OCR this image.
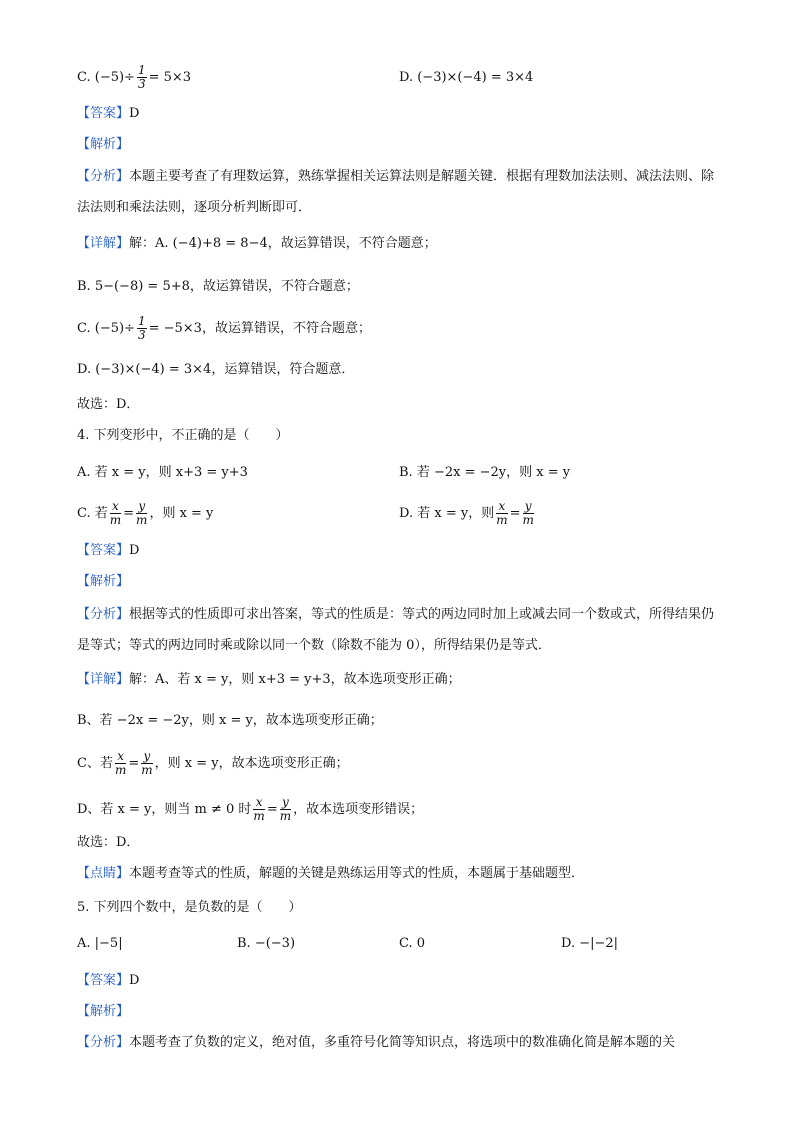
C. $(-5)\div \frac{1}{3} = 5\times 3$	D. (−3)×(−4) = 3×4
【答案】D
【解析】
【分析】本题主要考查了有理数运算，熟练掌握相关运算法则是解题关键．根据有理数加法法则、减法法则、除法法则和乘法法则，逐项分析判断即可．
【详解】解：A. (−4)+8 = 8−4，故运算错误，不符合题意；
B. 5−(−8) = 5+8，故运算错误，不符合题意；
C. $(-5)\div \frac{1}{3} = -5\times 3$，故运算错误，不符合题意；
D. (−3)×(−4) = 3×4，运算错误，符合题意．
故选：D．
4. 下列变形中，不正确的是（　　）
A. 若 x = y，则 x+3 = y+3	B. 若 −2x = −2y，则 x = y
C. 若 $\frac{x}{m} = \frac{y}{m}$ ，则 x = y	D. 若 x = y，则 $\frac{x}{m} = \frac{y}{m}$
【答案】D
【解析】
【分析】根据等式的性质即可求出答案，等式的性质是：等式的两边同时加上或减去同一个数或式，所得结果仍是等式；等式的两边同时乘或除以同一个数（除数不能为 0），所得结果仍是等式．
【详解】解：A、若 x = y，则 x+3 = y+3，故本选项变形正确；
B、若 −2x = −2y，则 x = y，故本选项变形正确；
C、若 $\frac{x}{m} = \frac{y}{m}$ ，则 x = y，故本选项变形正确；
D、若 x = y，则当 m ≠ 0 时 $\frac{x}{m} = \frac{y}{m}$ ，故本选项变形错误；
故选：D．
【点睛】本题考查等式的性质，解题的关键是熟练运用等式的性质，本题属于基础题型．
5. 下列四个数中，是负数的是（　　）
A. |−5|	B. −(−3)	C. 0	D. −|−2|
【答案】D
【解析】
【分析】本题考查了负数的定义，绝对值，多重符号化简等知识点，将选项中的数准确化简是解本题的关
